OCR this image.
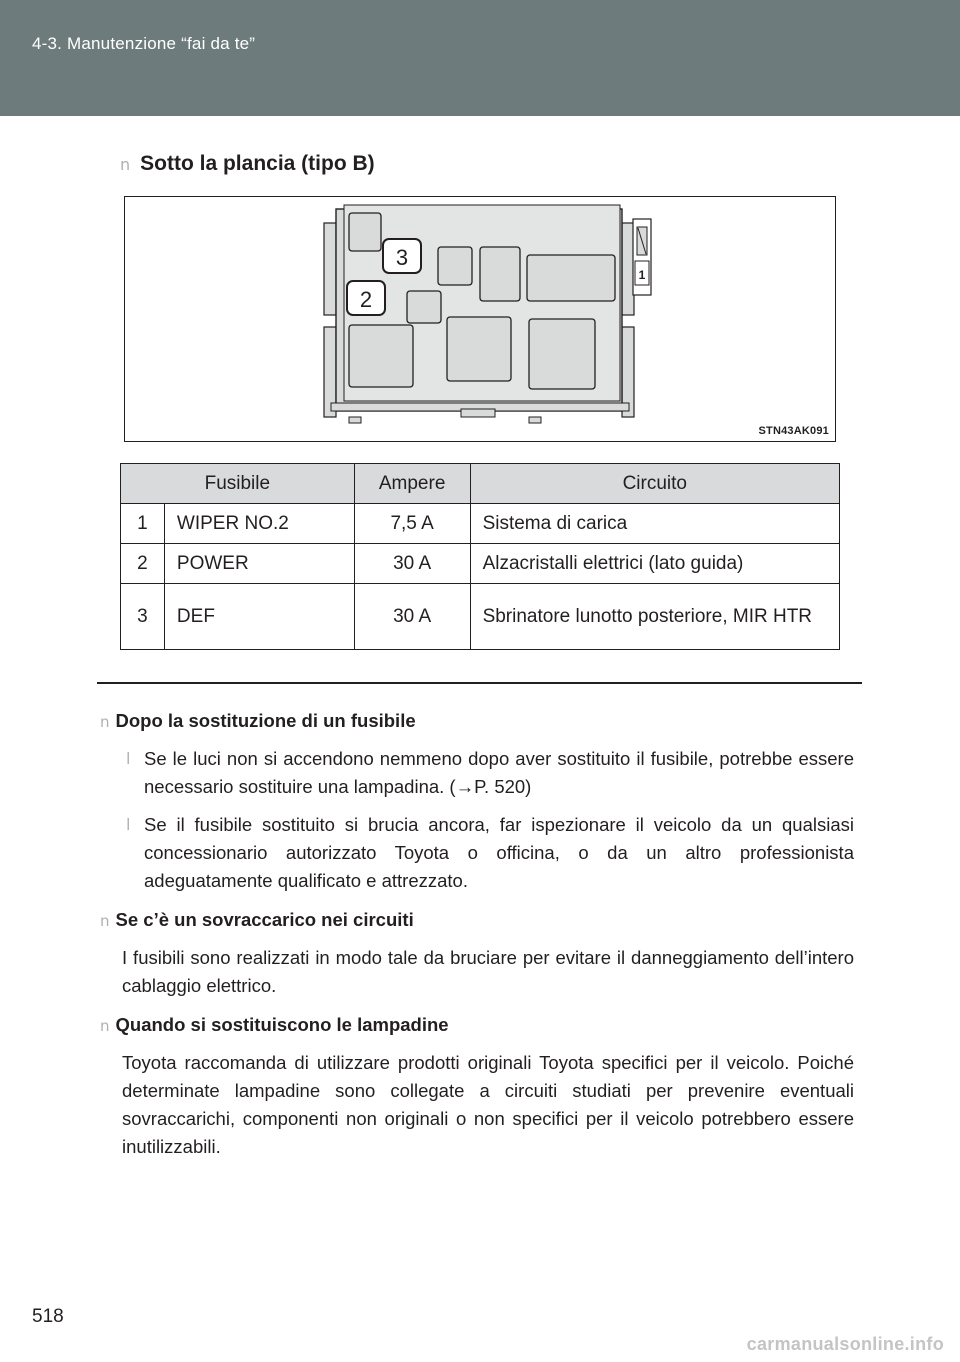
4-3. Manutenzione “fai da te”
n Sotto la plancia (tipo B)
1
3
2
STN43AK091
Fusibile		Ampere	Circuito
1	WIPER NO.2	7,5 A	Sistema di carica
2	POWER	30 A	Alzacristalli elettrici (lato guida)
3	DEF	30 A	Sbrinatore lunotto posteriore, MIR HTR
n Dopo la sostituzione di un fusibile
l Se le luci non si accendono nemmeno dopo aver sostituito il fusibile, potrebbe essere necessario sostituire una lampadina. (→P. 520)
l Se il fusibile sostituito si brucia ancora, far ispezionare il veicolo da un qualsiasi concessionario autorizzato Toyota o officina, o da un altro professionista adeguatamente qualificato e attrezzato.
n Se c’è un sovraccarico nei circuiti
I fusibili sono realizzati in modo tale da bruciare per evitare il danneggiamento dell’intero cablaggio elettrico.
n Quando si sostituiscono le lampadine
Toyota raccomanda di utilizzare prodotti originali Toyota specifici per il veicolo. Poiché determinate lampadine sono collegate a circuiti studiati per prevenire eventuali sovraccarichi, componenti non originali o non specifici per il veicolo potrebbero essere inutilizzabili.
518
carmanualsonline.info
